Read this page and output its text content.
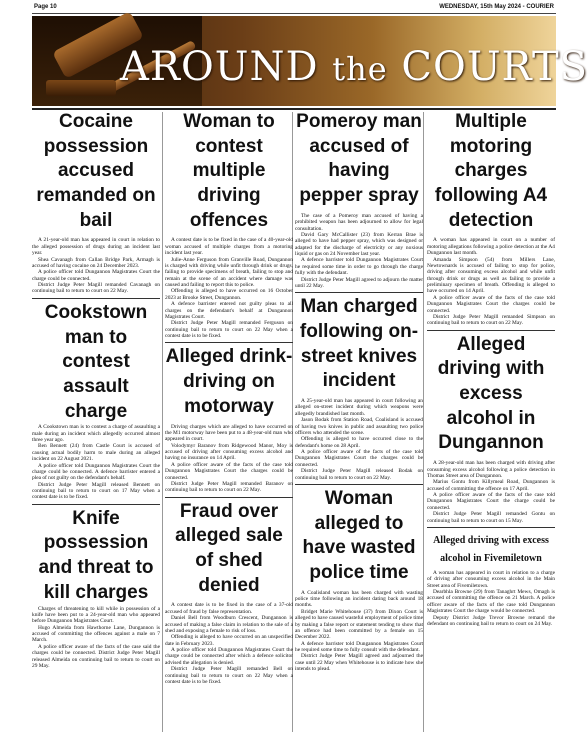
Page 10	WEDNESDAY, 15th May 2024 - COURIER
AROUND the COURTS
Cocaine possession accused remanded on bail

A 21-year-old man has appeared in court in relation to the alleged possession of drugs during an incident last year.

Shea Cavanagh from Callan Bridge Park, Armagh is accused of having cocaine on 24 December 2023.

A police officer told Dungannon Magistrates Court the charge could be connected.

District Judge Peter Magill remanded Cavanagh on continuing bail to return to court on 22 May.

Cookstown man to contest assault charge

A Cookstown man is to contest a charge of assaulting a male during an incident which allegedly occurred almost three year ago.

Ben Bennett (24) from Castle Court is accused of causing actual bodily harm to male during an alleged incident on 22 August 2021.

A police officer told Dungannon Magistrates Court the charge could be connected. A defence barrister entered a plea of not guilty on the defendant's behalf.

District Judge Peter Magill released Bennett on continuing bail to return to court on 17 May when a contest date is to be fixed.

Knife possession and threat to kill charges

Charges of threatening to kill while in possession of a knife have been put to a 24-year-old man who appeared before Dungannon Magistrates Court.

Hugo Almeida from Hawthorne Lane, Dungannon is accused of committing the offences against a male on 7 March.

A police officer aware of the facts of the case said the charges could be connected. District Judge Peter Magill released Almeida on continuing bail to return to court on 29 May.

Woman to contest multiple driving offences

A contest date is to be fixed in the case of a 40-year-old woman accused of multiple charges from a motoring incident last year.

Julie-Anne Ferguson from Granville Road, Dungannon is charged with driving while unfit through drink or drugs, failing to provide specimens of breath, failing to stop and remain at the scene of an accident where damage was caused and failing to report this to police.

Offending is alleged to have occurred on 16 October 2023 at Brooke Street, Dungannon.

A defence barrister entered not guilty pleas to all charges on the defendant's behalf at Dungannon Magistrates Court.

District Judge Peter Magill remanded Ferguson on continuing bail to return to court on 22 May when a contest date is to be fixed.

Alleged drink-driving on motorway

Driving charges which are alleged to have occurred on the M1 motorway have been put to a 48-year-old man who appeared in court.

Volodymyr Baranov from Ridgewood Manor, Moy is accused of driving after consuming excess alcohol and having no insurance on 14 April.

A police officer aware of the facts of the case told Dungannon Magistrates Court the charges could be connected.

District Judge Peter Magill remanded Baranov on continuing bail to return to court on 22 May.

Fraud over alleged sale of shed denied

A contest date is to be fixed in the case of a 37-old accused of fraud by false representation.

Daniel Bell from Woodburn Crescent, Dungannon is accused of making a false claim in relation to the sale of a shed and exposing a female to risk of loss.

Offending is alleged to have occurred on an unspecified date in February 2023.

A police officer told Dungannon Magistrates Court the charge could be connected after which a defence solicitor advised the allegation is denied.

District Judge Peter Magill remanded Bell on continuing bail to return to court on 22 May when a contest date is to be fixed.

Pomeroy man accused of having pepper spray

The case of a Pomeroy man accused of having a prohibited weapon has been adjourned to allow for legal consultation.

David Gary McCallister (23) from Kerran Brae is alleged to have had pepper spray, which was designed or adapted for the discharge of electricity or any noxious liquid or gas on 24 November last year.

A defence barrister told Dungannon Magistrates Court he required some time in order to go through the charge fully with the defendant.

District Judge Peter Magill agreed to adjourn the matter until 22 May.

Man charged following on-street knives incident

A 25-year-old man has appeared in court following an alleged on-street incident during which weapons were allegedly brandished last month.

Jason Bodak from Station Road, Coalisland is accused of having two knives in public and assaulting two police officers who attended the scene.

Offending is alleged to have occurred close to the defendant's home on 28 April.

A police officer aware of the facts of the case told Dungannon Magistrates Court the charges could be connected.

District Judge Peter Magill released Bodak on continuing bail to return to court on 22 May.

Woman alleged to have wasted police time

A Coalisland woman has been charged with wasting police time following an incident dating back around 18 months.

Bridget Marie Whitehouse (37) from Dixon Court is alleged to have caused wasteful employment of police time by making a false report or statement tending to show that an offence had been committed by a female on 15 December 2022.

A defence barrister told Dungannon Magistrates Court he required some time to fully consult with the defendant.

District Judge Peter Magill agreed and adjourned the case until 22 May when Whitehouse is to indicate how she intends to plead.

Multiple motoring charges following A4 detection

A woman has appeared in court on a number of motoring allegations following a police detection at the A4 Dungannon last month.

Amanda Simpson (54) from Millers Lane, Newtownards is accused of failing to stop for police, driving after consuming excess alcohol and while unfit through drink or drugs as well as failing to provide a preliminary specimen of breath. Offending is alleged to have occurred on 14 April.

A police officer aware of the facts of the case told Dungannon Magistrates Court the charges could be connected.

District Judge Peter Magill remanded Simpson on continuing bail to return to court on 22 May.

Alleged driving with excess alcohol in Dungannon

A 28-year-old man has been charged with driving after consuming excess alcohol following a police detection in Thomas Street area of Dungannon.

Marius Gontu from Killymeal Road, Dungannon is accused of committing the offence on 17 April.

A police officer aware of the facts of the case told Dungannon Magistrates Court the charge could be connected.

District Judge Peter Magill remanded Gontu on continuing bail to return to court on 15 May.

Alleged driving with excess
alcohol in Fivemiletown

A woman has appeared in court in relation to a charge of driving after consuming excess alcohol in the Main Street area of Fivemiletown.

Dearbhla Browne (29) from Tanaghrt Mews, Omagh is accused of committing the offence on 21 March. A police officer aware of the facts of the case told Dungannon Magistrates Court the charge would be connected.

Deputy District Judge Trevor Browne remand the defendant on continuing bail to return to court on 24 May.
